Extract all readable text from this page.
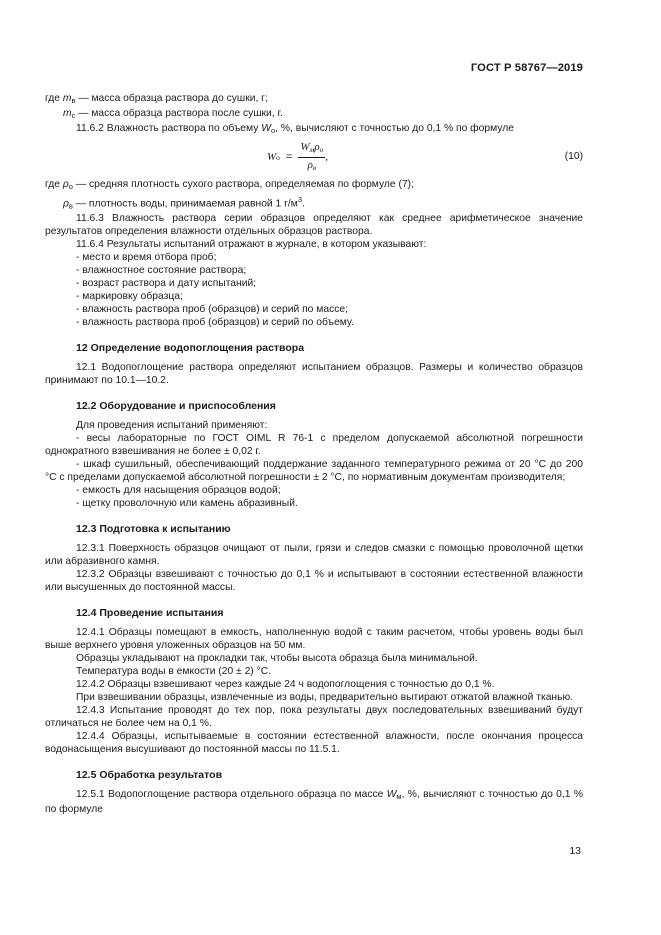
ГОСТ Р 58767—2019

где $m_в$ — масса образца раствора до сушки, г;

$m_с$ — масса образца раствора после сушки, г.

11.6.2 Влажность раствора по объему $W_о$, %, вычисляют с точностью до 0,1 % по формуле

W $о = \frac{W_м\rho_о}{\rho_в}$ ,	(10)

где $\rho_о$ — средняя плотность сухого раствора, определяемая по формуле (7);

$\rho_в$ — плотность воды, принимаемая равной 1 $г/м^3$.

11.6.3 Влажность раствора серии образцов определяют как среднее арифметическое значение результатов определения влажности отдельных образцов раствора.

11.6.4 Результаты испытаний отражают в журнале, в котором указывают:

- место и время отбора проб;

- влажностное состояние раствора;

- возраст раствора и дату испытаний;

- маркировку образца;

- влажность раствора проб (образцов) и серий по массе;

- влажность раствора проб (образцов) и серий по объему.

12 Определение водопоглощения раствора

12.1 Водопоглощение раствора определяют испытанием образцов. Размеры и количество образцов принимают по 10.1—10.2.

12.2 Оборудование и приспособления

Для проведения испытаний применяют:

- весы лабораторные по ГОСТ OIML R 76-1 с пределом допускаемой абсолютной погрешности однократного взвешивания не более ± 0,02 г.

- шкаф сушильный, обеспечивающий поддержание заданного температурного режима от 20 °C до 200 °C с пределами допускаемой абсолютной погрешности ± 2 °C, по нормативным документам производителя;

- емкость для насыщения образцов водой;

- щетку проволочную или камень абразивный.

12.3 Подготовка к испытанию

12.3.1 Поверхность образцов очищают от пыли, грязи и следов смазки с помощью проволочной щетки или абразивного камня.

12.3.2 Образцы взвешивают с точностью до 0,1 % и испытывают в состоянии естественной влажности или высушенных до постоянной массы.

12.4 Проведение испытания

12.4.1 Образцы помещают в емкость, наполненную водой с таким расчетом, чтобы уровень воды был выше верхнего уровня уложенных образцов на 50 мм.

Образцы укладывают на прокладки так, чтобы высота образца была минимальной.

Температура воды в емкости (20 ± 2) °С.

12.4.2 Образцы взвешивают через каждые 24 ч водопоглощения с точностью до 0,1 %.

При взвешивании образцы, извлеченные из воды, предварительно вытирают отжатой влажной тканью.

12.4.3 Испытание проводят до тех пор, пока результаты двух последовательных взвешиваний будут отличаться не более чем на 0,1 %.

12.4.4 Образцы, испытываемые в состоянии естественной влажности, после окончания процесса водонасыщения высушивают до постоянной массы по 11.5.1.

12.5 Обработка результатов

12.5.1 Водопоглощение раствора отдельного образца по массе $W_м$, %, вычисляют с точностью до 0,1 % по формуле

13
